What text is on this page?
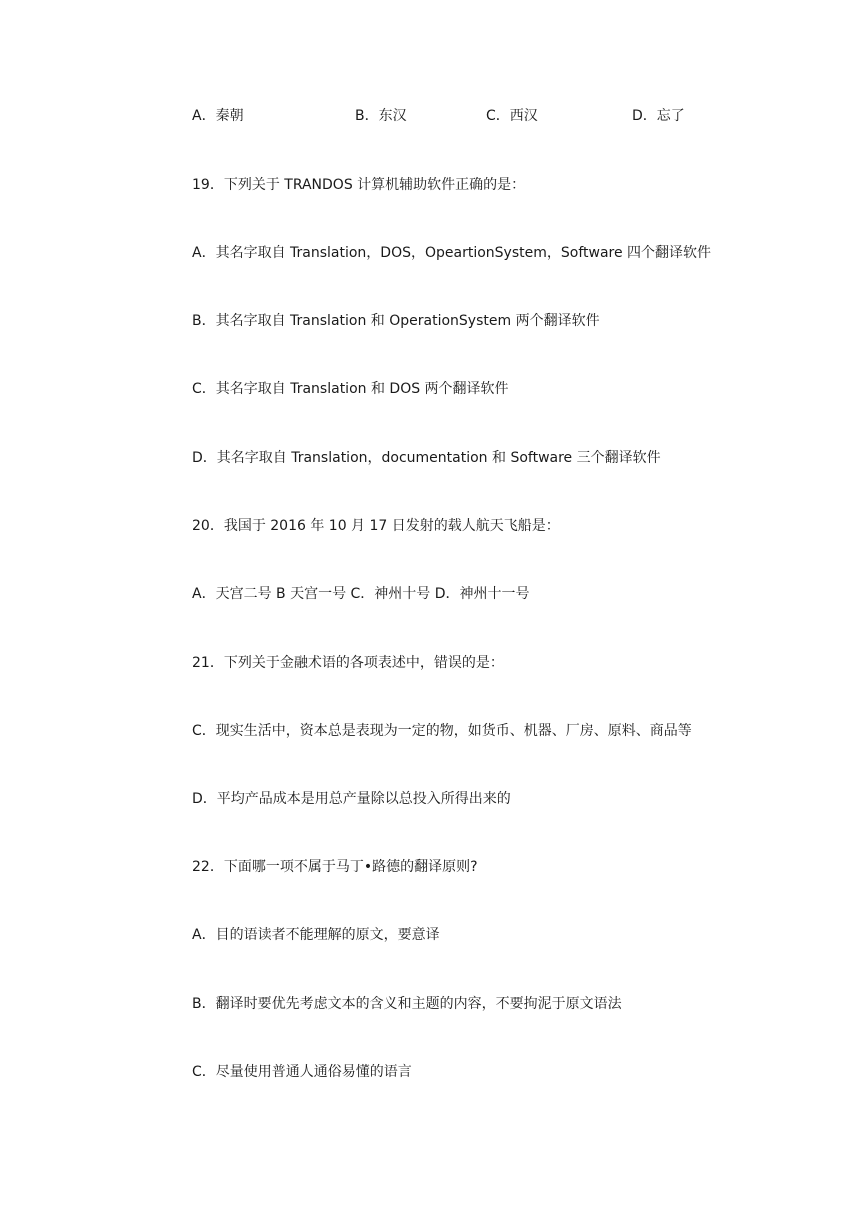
A．秦朝	B．东汉	C．西汉	D．忘了
19．下列关于 TRANDOS 计算机辅助软件正确的是：
A．其名字取自 Translation，DOS，OpeartionSystem，Software 四个翻译软件
B．其名字取自 Translation 和 OperationSystem 两个翻译软件
C．其名字取自 Translation 和 DOS 两个翻译软件
D．其名字取自 Translation，documentation 和 Software 三个翻译软件
20．我国于 2016 年 10 月 17 日发射的载人航天飞船是：
A．天宫二号 B 天宫一号 C．神州十号 D．神州十一号
21．下列关于金融术语的各项表述中，错误的是：
C．现实生活中，资本总是表现为一定的物，如货币、机器、厂房、原料、商品等
D．平均产品成本是用总产量除以总投入所得出来的
22．下面哪一项不属于马丁•路德的翻译原则?
A．目的语读者不能理解的原文，要意译
B．翻译时要优先考虑文本的含义和主题的内容，不要拘泥于原文语法
C．尽量使用普通人通俗易懂的语言
